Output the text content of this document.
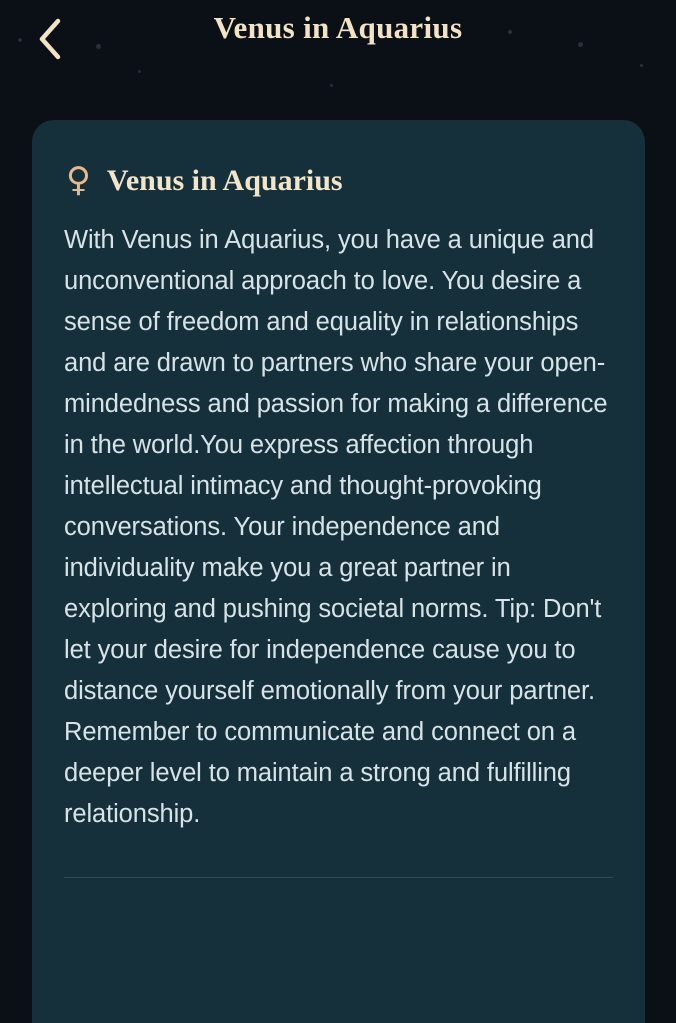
Venus in Aquarius
♀ Venus in Aquarius
With Venus in Aquarius, you have a unique and unconventional approach to love. You desire a sense of freedom and equality in relationships and are drawn to partners who share your open-mindedness and passion for making a difference in the world.You express affection through intellectual intimacy and thought-provoking conversations. Your independence and individuality make you a great partner in exploring and pushing societal norms. Tip: Don't let your desire for independence cause you to distance yourself emotionally from your partner. Remember to communicate and connect on a deeper level to maintain a strong and fulfilling relationship.
